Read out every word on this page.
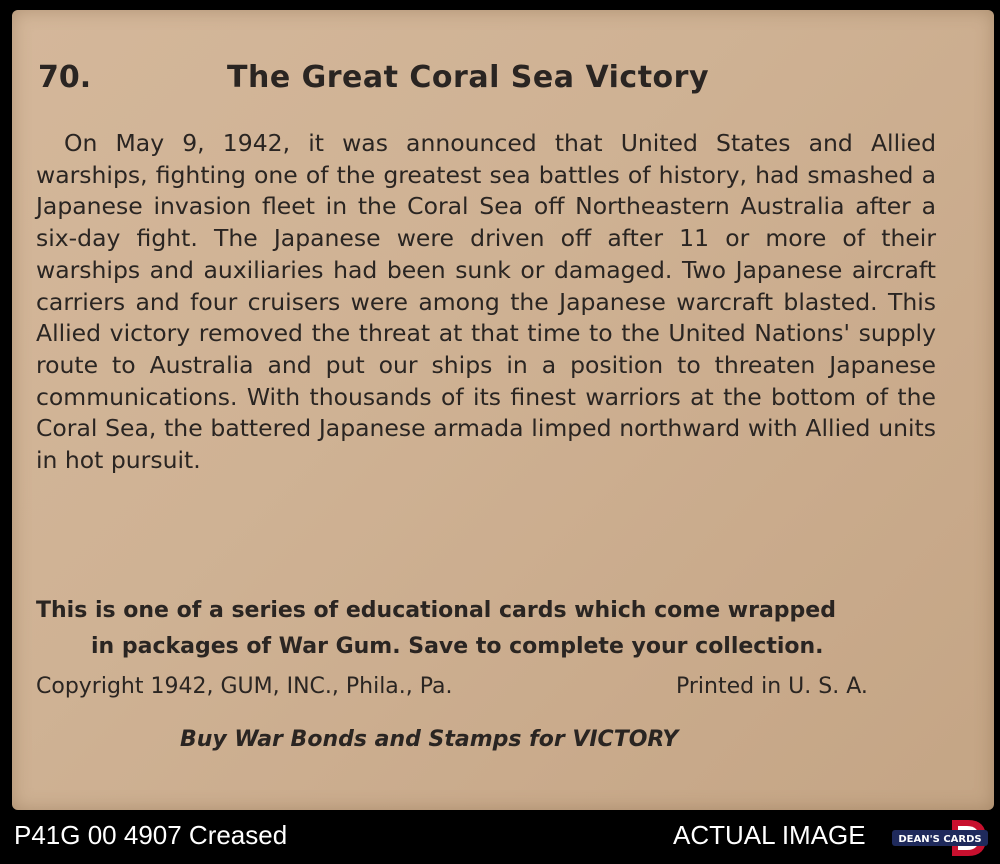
70.	The Great Coral Sea Victory

On May 9, 1942, it was announced that United States and Allied warships, fighting one of the greatest sea battles of history, had smashed a Japanese invasion fleet in the Coral Sea off Northeastern Australia after a six-day fight. The Japanese were driven off after 11 or more of their warships and auxiliaries had been sunk or damaged. Two Japanese aircraft carriers and four cruisers were among the Japanese warcraft blasted. This Allied victory removed the threat at that time to the United Nations' supply route to Australia and put our ships in a position to threaten Japanese communications. With thousands of its finest warriors at the bottom of the Coral Sea, the battered Japanese armada limped northward with Allied units in hot pursuit.

This is one of a series of educational cards which come wrapped
in packages of War Gum. Save to complete your collection.

Copyright 1942, GUM, INC., Phila., Pa.	Printed in U. S. A.
Buy War Bonds and Stamps for VICTORY
P41G 00 4907 Creased	ACTUAL IMAGE	DEAN'S CARDS
